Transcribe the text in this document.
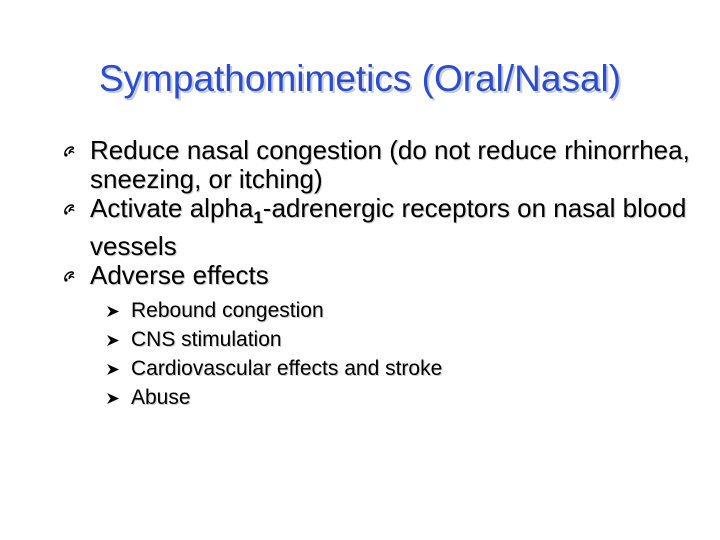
Sympathomimetics (Oral/Nasal)
Reduce nasal congestion (do not reduce rhinorrhea, sneezing, or itching)
Activate alpha$_1$-adrenergic receptors on nasal blood vessels
Adverse effects
Rebound congestion
CNS stimulation
Cardiovascular effects and stroke
Abuse
